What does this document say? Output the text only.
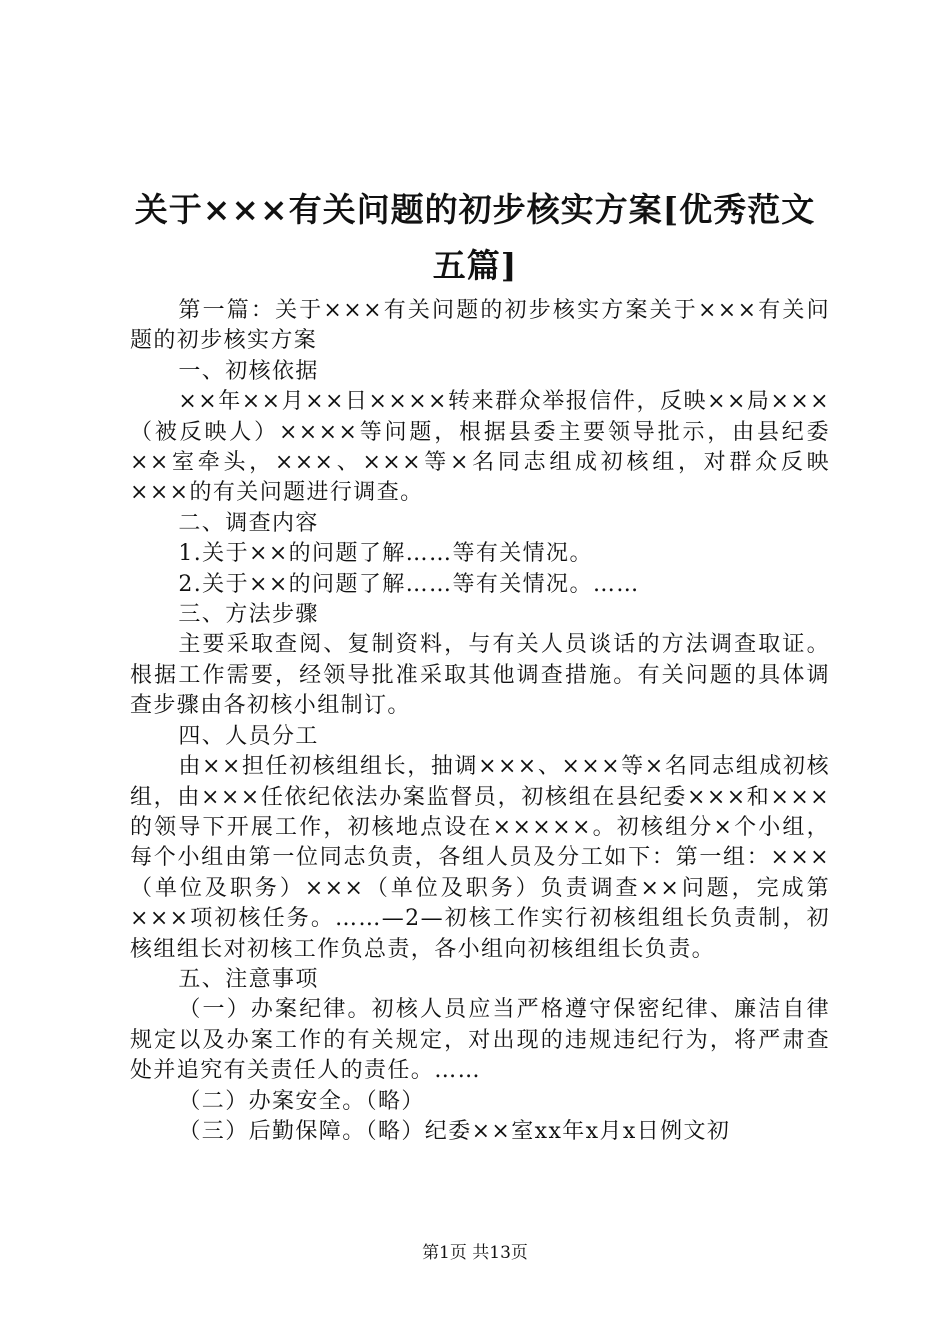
关于×××有关问题的初步核实方案[优秀范文五篇]

第一篇：关于×××有关问题的初步核实方案关于×××有关问题的初步核实方案

一、初核依据

××年××月××日××××转来群众举报信件，反映××局×××（被反映人）××××等问题，根据县委主要领导批示，由县纪委××室牵头，×××、×××等×名同志组成初核组，对群众反映×××的有关问题进行调查。

二、调查内容

1.关于××的问题了解……等有关情况。

2.关于××的问题了解……等有关情况。……

三、方法步骤

主要采取查阅、复制资料，与有关人员谈话的方法调查取证。根据工作需要，经领导批准采取其他调查措施。有关问题的具体调查步骤由各初核小组制订。

四、人员分工

由××担任初核组组长，抽调×××、×××等×名同志组成初核组，由×××任依纪依法办案监督员，初核组在县纪委×××和×××的领导下开展工作，初核地点设在×××××。初核组分×个小组，每个小组由第一位同志负责，各组人员及分工如下：第一组：×××（单位及职务）×××（单位及职务）负责调查××问题，完成第×××项初核任务。……—2—初核工作实行初核组组长负责制，初核组组长对初核工作负总责，各小组向初核组组长负责。

五、注意事项

（一）办案纪律。初核人员应当严格遵守保密纪律、廉洁自律规定以及办案工作的有关规定，对出现的违规违纪行为，将严肃查处并追究有关责任人的责任。……

（二）办案安全。（略）

（三）后勤保障。（略）纪委××室xx年x月x日例文初

第1页 共13页
